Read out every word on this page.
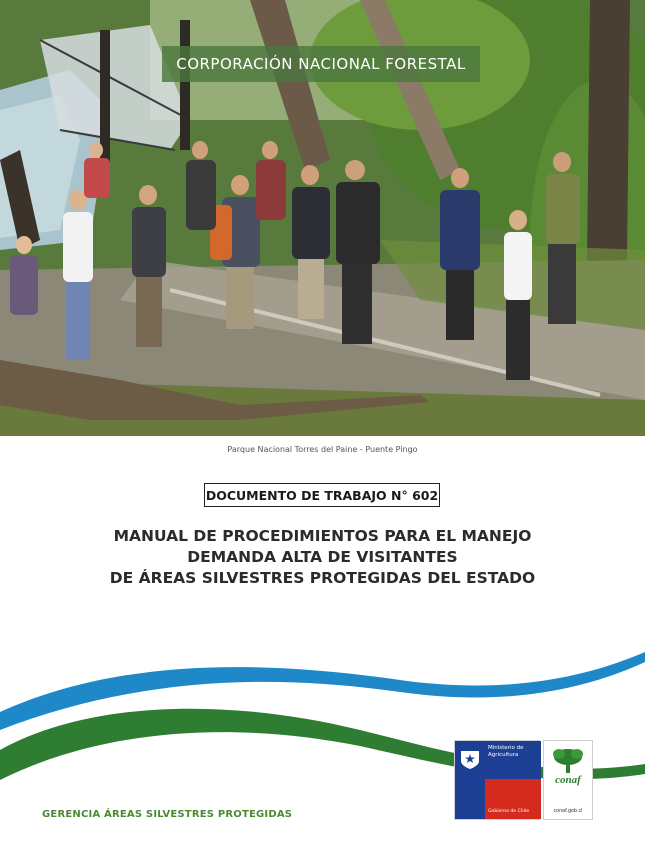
CORPORACIÓN NACIONAL FORESTAL
Parque Nacional Torres del Paine - Puente Pingo
DOCUMENTO DE TRABAJO N° 602
MANUAL DE PROCEDIMIENTOS PARA EL MANEJO
DEMANDA ALTA DE VISITANTES
DE ÁREAS SILVESTRES PROTEGIDAS DEL ESTADO
Ministerio de
Agricultura
Gobierno de Chile
conaf
conaf.gob.cl
GERENCIA ÁREAS SILVESTRES PROTEGIDAS
